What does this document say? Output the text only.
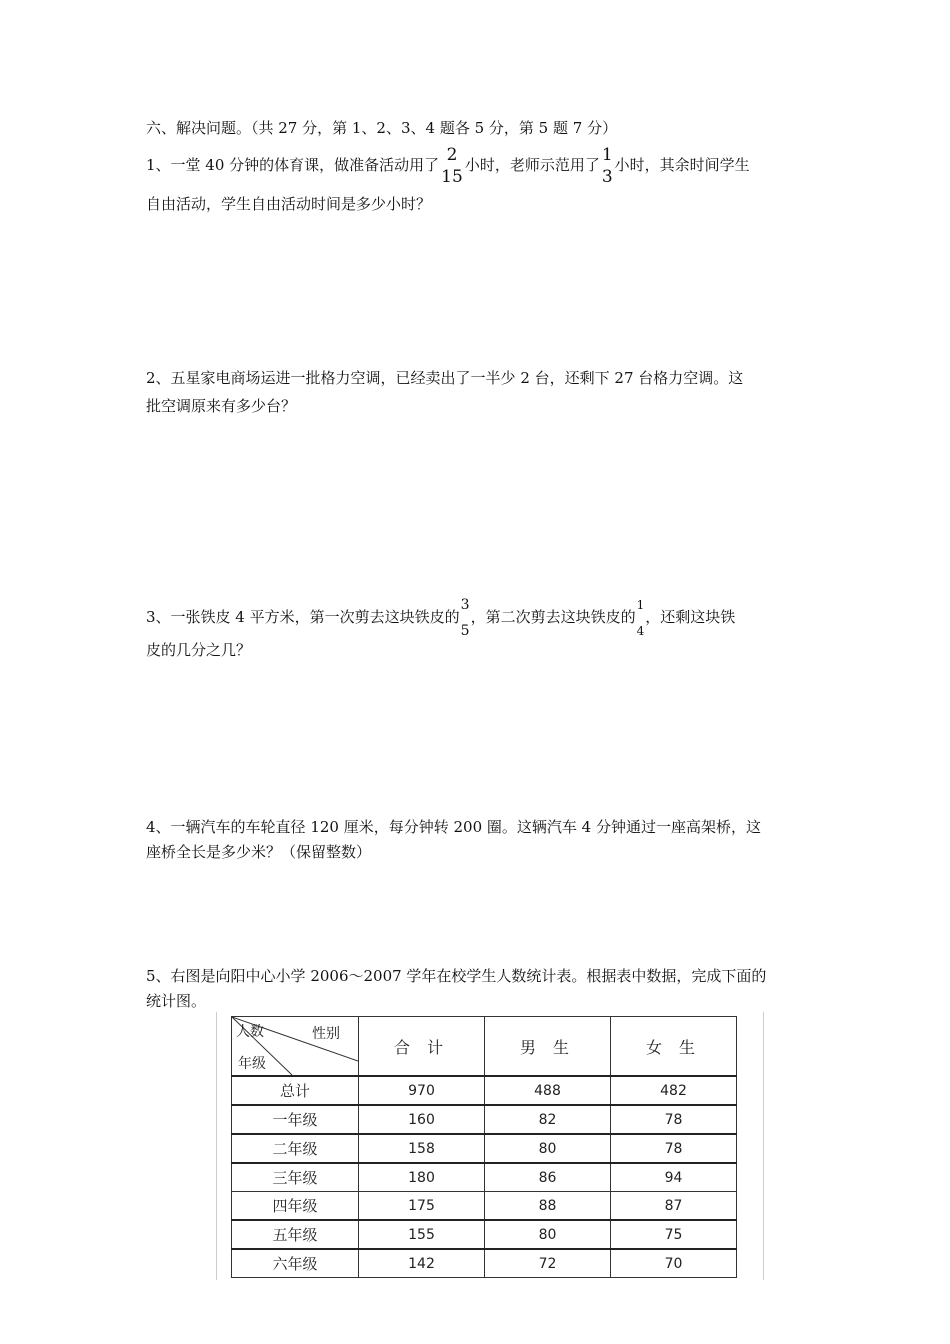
六、解决问题。（共 27 分，第 1、2、3、4 题各 5 分，第 5 题 7 分）
1、一堂 40 分钟的体育课，做准备活动用了 2
15
小时，老师示范用了 1
3
小时，其余时间学生
自由活动，学生自由活动时间是多少小时？
2、五星家电商场运进一批格力空调，已经卖出了一半少 2 台，还剩下 27 台格力空调。这
批空调原来有多少台？
3、一张铁皮 4 平方米，第一次剪去这块铁皮的
3
5
，第二次剪去这块铁皮的
1
4
，还剩这块铁
皮的几分之几？
4、一辆汽车的车轮直径 120 厘米，每分钟转 200 圈。这辆汽车 4 分钟通过一座高架桥，这
座桥全长是多少米？（保留整数）
5、右图是向阳中心小学 2006～2007 学年在校学生人数统计表。根据表中数据，完成下面的
统计图。
人数 性别
年级	合 计	男 生	女 生
总计	970	488	482
一年级	160	82	78
二年级	158	80	78
三年级	180	86	94
四年级	175	88	87
五年级	155	80	75
六年级	142	72	70
